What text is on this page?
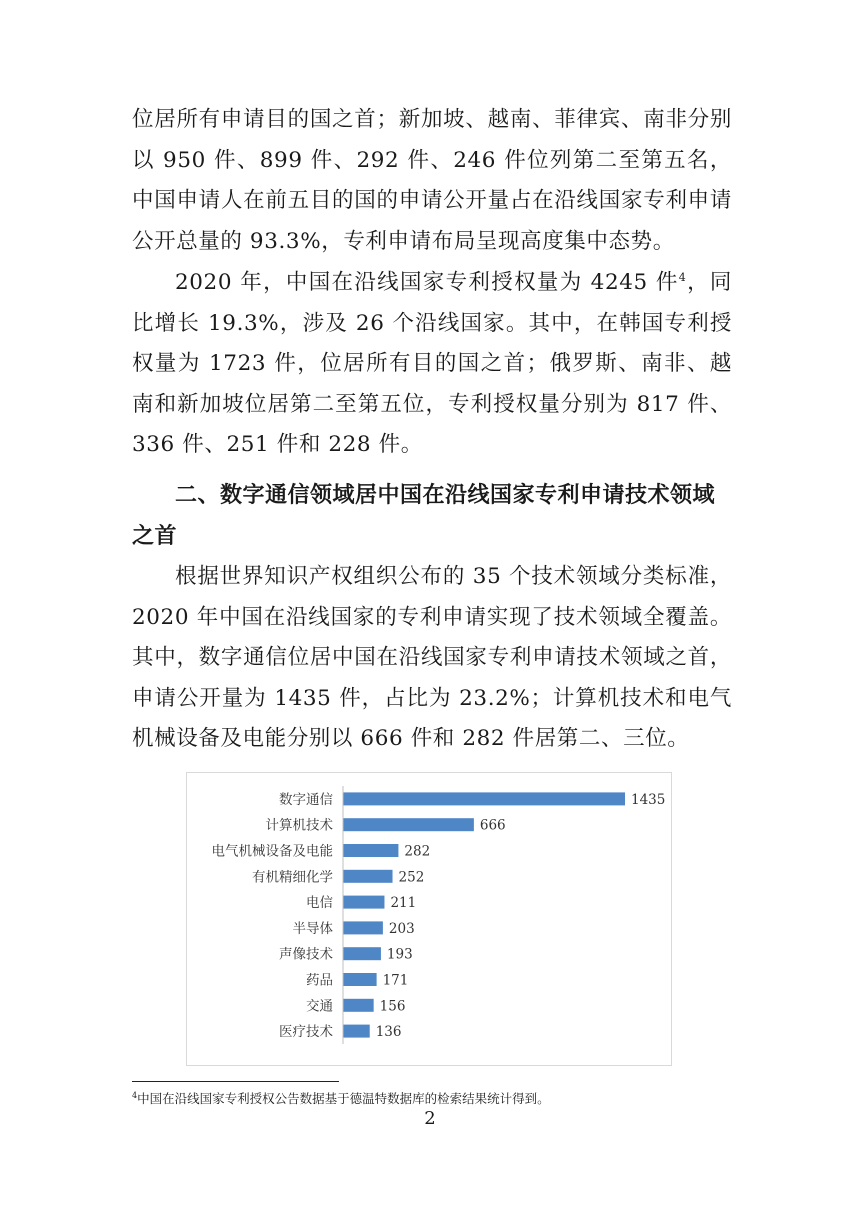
位居所有申请目的国之首；新加坡、越南、菲律宾、南非分别以 950 件、899 件、292 件、246 件位列第二至第五名，中国申请人在前五目的国的申请公开量占在沿线国家专利申请公开总量的 93.3%，专利申请布局呈现高度集中态势。

2020 年，中国在沿线国家专利授权量为 4245 件$^4$，同比增长 19.3%，涉及 26 个沿线国家。其中，在韩国专利授权量为 1723 件，位居所有目的国之首；俄罗斯、南非、越南和新加坡位居第二至第五位，专利授权量分别为 817 件、336 件、251 件和 228 件。

二、数字通信领域居中国在沿线国家专利申请技术领域之首

根据世界知识产权组织公布的 35 个技术领域分类标准，2020 年中国在沿线国家的专利申请实现了技术领域全覆盖。其中，数字通信位居中国在沿线国家专利申请技术领域之首，申请公开量为 1435 件，占比为 23.2%；计算机技术和电气机械设备及电能分别以 666 件和 282 件居第二、三位。

数字通信	1435
计算机技术	666
电气机械设备及电能	282
有机精细化学	252
电信	211
半导体	203
声像技术	193
药品	171
交通	156
医疗技术	136

$^4$中国在沿线国家专利授权公告数据基于德温特数据库的检索结果统计得到。

2
